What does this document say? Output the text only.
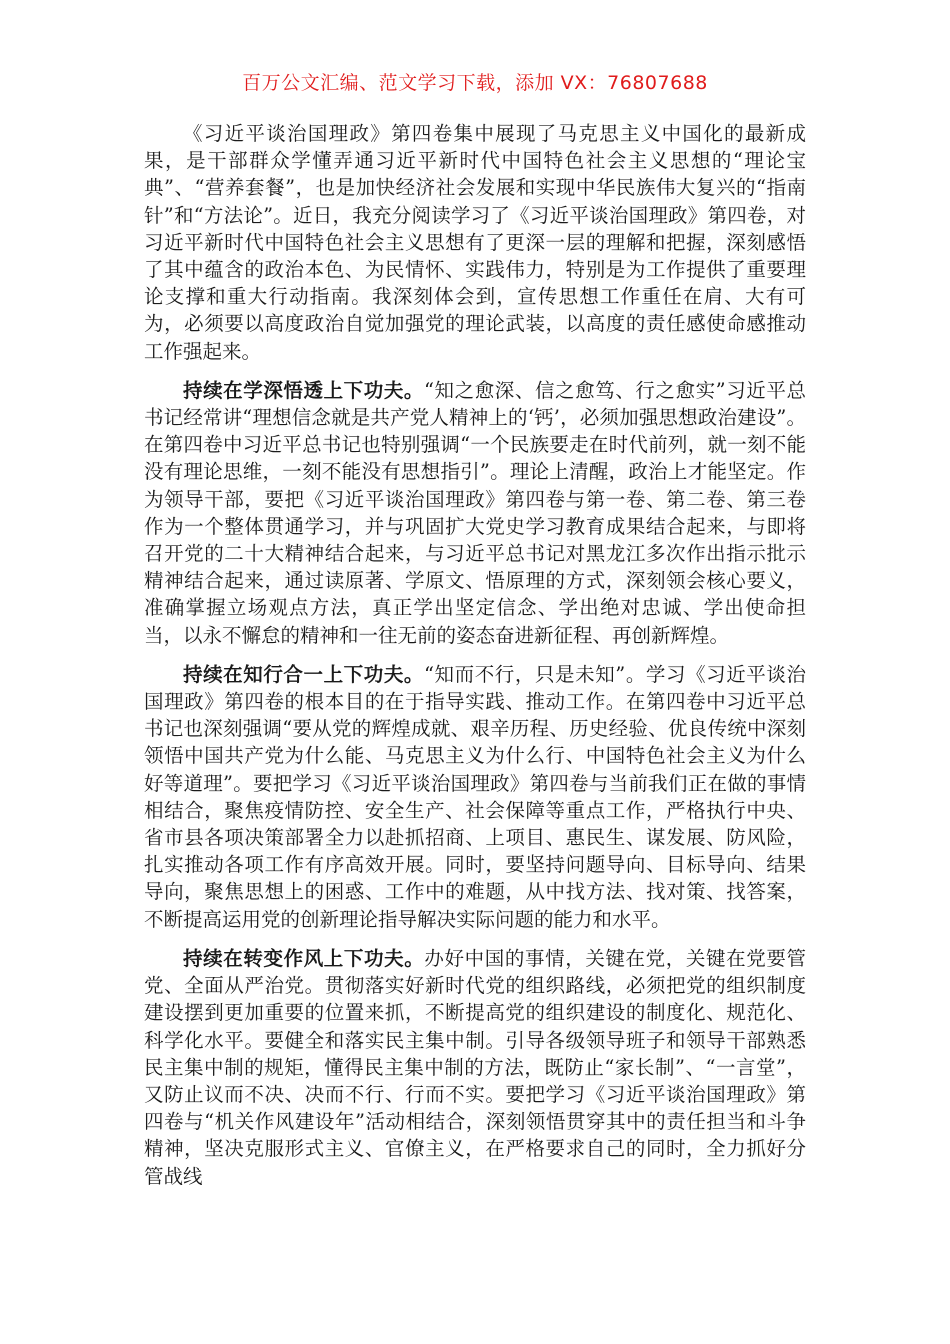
百万公文汇编、范文学习下载，添加 VX：76807688

《习近平谈治国理政》第四卷集中展现了马克思主义中国化的最新成果，是干部群众学懂弄通习近平新时代中国特色社会主义思想的“理论宝典”、“营养套餐”，也是加快经济社会发展和实现中华民族伟大复兴的“指南针”和“方法论”。近日，我充分阅读学习了《习近平谈治国理政》第四卷，对习近平新时代中国特色社会主义思想有了更深一层的理解和把握，深刻感悟了其中蕴含的政治本色、为民情怀、实践伟力，特别是为工作提供了重要理论支撑和重大行动指南。我深刻体会到，宣传思想工作重任在肩、大有可为，必须要以高度政治自觉加强党的理论武装，以高度的责任感使命感推动工作强起来。

持续在学深悟透上下功夫。“知之愈深、信之愈笃、行之愈实”习近平总书记经常讲“理想信念就是共产党人精神上的‘钙’，必须加强思想政治建设”。在第四卷中习近平总书记也特别强调“一个民族要走在时代前列，就一刻不能没有理论思维，一刻不能没有思想指引”。理论上清醒，政治上才能坚定。作为领导干部，要把《习近平谈治国理政》第四卷与第一卷、第二卷、第三卷作为一个整体贯通学习，并与巩固扩大党史学习教育成果结合起来，与即将召开党的二十大精神结合起来，与习近平总书记对黑龙江多次作出指示批示精神结合起来，通过读原著、学原文、悟原理的方式，深刻领会核心要义，准确掌握立场观点方法，真正学出坚定信念、学出绝对忠诚、学出使命担当，以永不懈怠的精神和一往无前的姿态奋进新征程、再创新辉煌。

持续在知行合一上下功夫。“知而不行，只是未知”。学习《习近平谈治国理政》第四卷的根本目的在于指导实践、推动工作。在第四卷中习近平总书记也深刻强调“要从党的辉煌成就、艰辛历程、历史经验、优良传统中深刻领悟中国共产党为什么能、马克思主义为什么行、中国特色社会主义为什么好等道理”。要把学习《习近平谈治国理政》第四卷与当前我们正在做的事情相结合，聚焦疫情防控、安全生产、社会保障等重点工作，严格执行中央、省市县各项决策部署全力以赴抓招商、上项目、惠民生、谋发展、防风险，扎实推动各项工作有序高效开展。同时，要坚持问题导向、目标导向、结果导向，聚焦思想上的困惑、工作中的难题，从中找方法、找对策、找答案，不断提高运用党的创新理论指导解决实际问题的能力和水平。

持续在转变作风上下功夫。办好中国的事情，关键在党，关键在党要管党、全面从严治党。贯彻落实好新时代党的组织路线，必须把党的组织制度建设摆到更加重要的位置来抓，不断提高党的组织建设的制度化、规范化、科学化水平。要健全和落实民主集中制。引导各级领导班子和领导干部熟悉民主集中制的规矩，懂得民主集中制的方法，既防止“家长制”、“一言堂”，又防止议而不决、决而不行、行而不实。要把学习《习近平谈治国理政》第四卷与“机关作风建设年”活动相结合，深刻领悟贯穿其中的责任担当和斗争精神，坚决克服形式主义、官僚主义，在严格要求自己的同时，全力抓好分管战线
